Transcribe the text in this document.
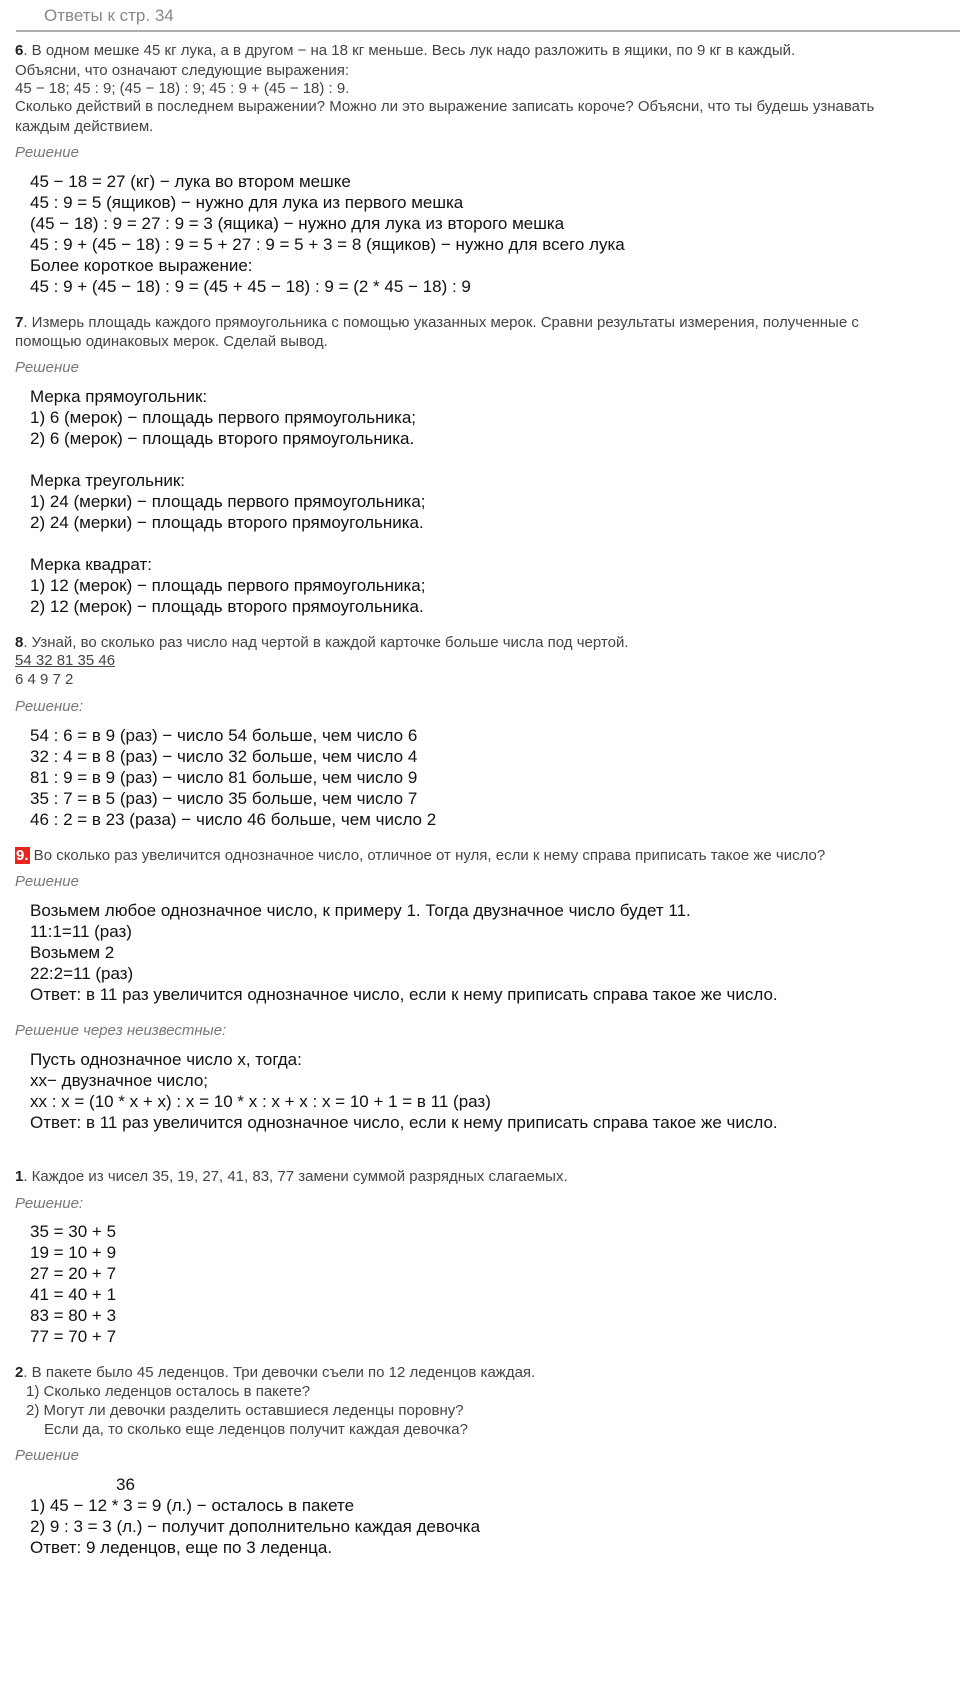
Ответы к стр. 34
6. В одном мешке 45 кг лука, а в другом − на 18 кг меньше. Весь лук надо разложить в ящики, по 9 кг в каждый.
Объясни, что означают следующие выражения:
45 − 18; 45 : 9; (45 − 18) : 9; 45 : 9 + (45 − 18) : 9.
Сколько действий в последнем выражении? Можно ли это выражение записать короче? Объясни, что ты будешь узнавать
каждым действием.
Решение
45 − 18 = 27 (кг) − лука во втором мешке
45 : 9 = 5 (ящиков) − нужно для лука из первого мешка
(45 − 18) : 9 = 27 : 9 = 3 (ящика) − нужно для лука из второго мешка
45 : 9 + (45 − 18) : 9 = 5 + 27 : 9 = 5 + 3 = 8 (ящиков) − нужно для всего лука
Более короткое выражение:
45 : 9 + (45 − 18) : 9 = (45 + 45 − 18) : 9 = (2 * 45 − 18) : 9
7. Измерь площадь каждого прямоугольника с помощью указанных мерок. Сравни результаты измерения, полученные с
помощью одинаковых мерок. Сделай вывод.
Решение
Мерка прямоугольник:
1) 6 (мерок) − площадь первого прямоугольника;
2) 6 (мерок) − площадь второго прямоугольника.
Мерка треугольник:
1) 24 (мерки) − площадь первого прямоугольника;
2) 24 (мерки) − площадь второго прямоугольника.
Мерка квадрат:
1) 12 (мерок) − площадь первого прямоугольника;
2) 12 (мерок) − площадь второго прямоугольника.
8. Узнай, во сколько раз число над чертой в каждой карточке больше числа под чертой.
54 32 81 35 46
6 4 9 7 2
Решение:
54 : 6 = в 9 (раз) − число 54 больше, чем число 6
32 : 4 = в 8 (раз) − число 32 больше, чем число 4
81 : 9 = в 9 (раз) − число 81 больше, чем число 9
35 : 7 = в 5 (раз) − число 35 больше, чем число 7
46 : 2 = в 23 (раза) − число 46 больше, чем число 2
9. Во сколько раз увеличится однозначное число, отличное от нуля, если к нему справа приписать такое же число?
Решение
Возьмем любое однозначное число, к примеру 1. Тогда двузначное число будет 11.
11:1=11 (раз)
Возьмем 2
22:2=11 (раз)
Ответ: в 11 раз увеличится однозначное число, если к нему приписать справа такое же число.
Решение через неизвестные:
Пусть однозначное число х, тогда:
хх− двузначное число;
хх : х = (10 * х + х) : х = 10 * х : х + х : х = 10 + 1 = в 11 (раз)
Ответ: в 11 раз увеличится однозначное число, если к нему приписать справа такое же число.
1. Каждое из чисел 35, 19, 27, 41, 83, 77 замени суммой разрядных слагаемых.
Решение:
35 = 30 + 5
19 = 10 + 9
27 = 20 + 7
41 = 40 + 1
83 = 80 + 3
77 = 70 + 7
2. В пакете было 45 леденцов. Три девочки съели по 12 леденцов каждая.
1) Сколько леденцов осталось в пакете?
2) Могут ли девочки разделить оставшиеся леденцы поровну?
Если да, то сколько еще леденцов получит каждая девочка?
Решение
36
1) 45 − 12 * 3 = 9 (л.) − осталось в пакете
2) 9 : 3 = 3 (л.) − получит дополнительно каждая девочка
Ответ: 9 леденцов, еще по 3 леденца.
